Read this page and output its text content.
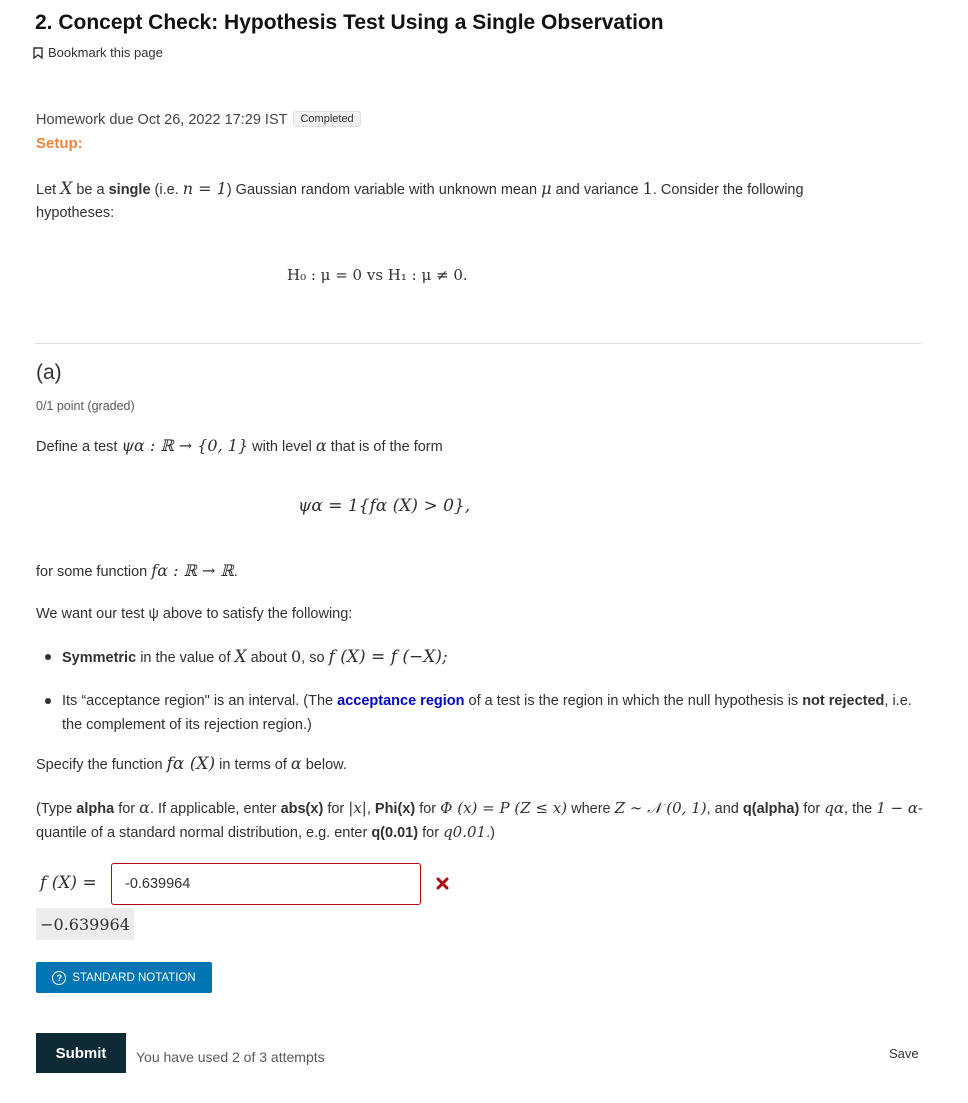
2. Concept Check: Hypothesis Test Using a Single Observation
Bookmark this page
Homework due Oct 26, 2022 17:29 IST Completed
Setup:
Let X be a single (i.e. n = 1) Gaussian random variable with unknown mean μ and variance 1. Consider the following
hypotheses:
H₀ : μ = 0 vs H₁ : μ ≠ 0.
(a)
0/1 point (graded)
Define a test ψα : ℝ → {0, 1} with level α that is of the form
ψα = 1{fα (X) > 0},
for some function fα : ℝ → ℝ.
We want our test ψ above to satisfy the following:
Symmetric in the value of X about 0, so f (X) = f (−X);
Its “acceptance region" is an interval. (The acceptance region of a test is the region in which the null hypothesis is not rejected, i.e. the complement of its rejection region.)
Specify the function fα (X) in terms of α below.
(Type alpha for α. If applicable, enter abs(x) for |x|, Phi(x) for Φ (x) = P (Z ≤ x) where Z ∼ 𝒩 (0, 1), and q(alpha) for qα, the 1 − α-quantile of a standard normal distribution, e.g. enter q(0.01) for q0.01.)
f (X) =	-0.639964
−0.639964
? STANDARD NOTATION
Submit	You have used 2 of 3 attempts	Save
